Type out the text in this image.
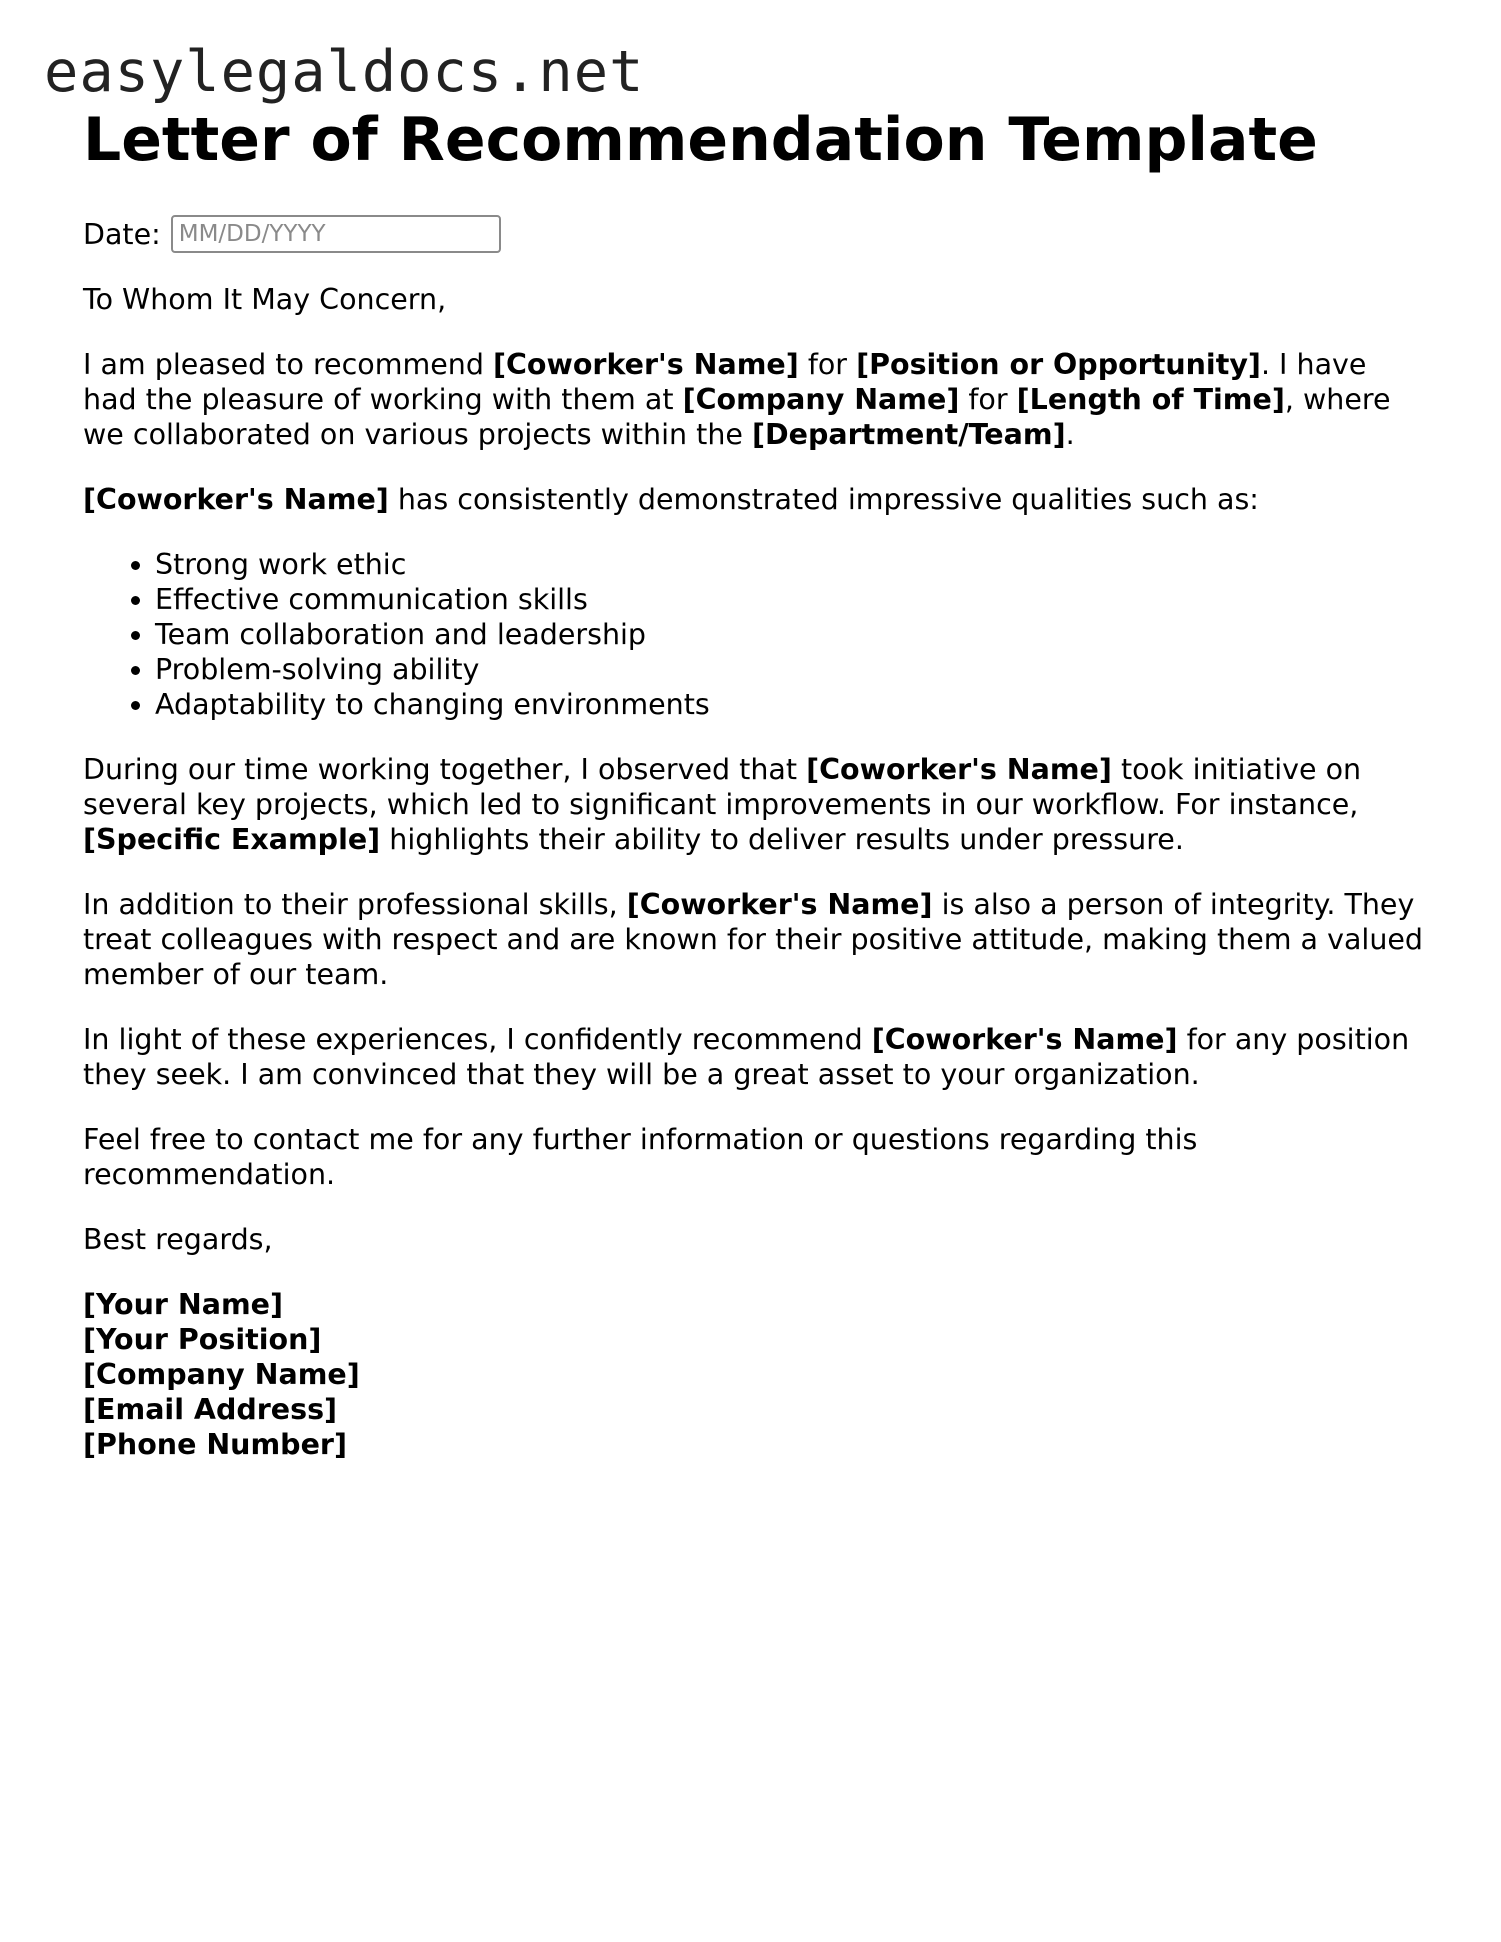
easylegaldocs.net
Letter of Recommendation Template
Date:
MM/DD/YYYY

To Whom It May Concern,

I am pleased to recommend [Coworker's Name] for [Position or Opportunity]. I have had the pleasure of working with them at [Company Name] for [Length of Time], where we collaborated on various projects within the [Department/Team].

[Coworker's Name] has consistently demonstrated impressive qualities such as:

• Strong work ethic
• Effective communication skills
• Team collaboration and leadership
• Problem-solving ability
• Adaptability to changing environments

During our time working together, I observed that [Coworker's Name] took initiative on several key projects, which led to significant improvements in our workflow. For instance, [Specific Example] highlights their ability to deliver results under pressure.

In addition to their professional skills, [Coworker's Name] is also a person of integrity. They treat colleagues with respect and are known for their positive attitude, making them a valued member of our team.

In light of these experiences, I confidently recommend [Coworker's Name] for any position they seek. I am convinced that they will be a great asset to your organization.

Feel free to contact me for any further information or questions regarding this recommendation.

Best regards,

[Your Name]
[Your Position]
[Company Name]
[Email Address]
[Phone Number]
